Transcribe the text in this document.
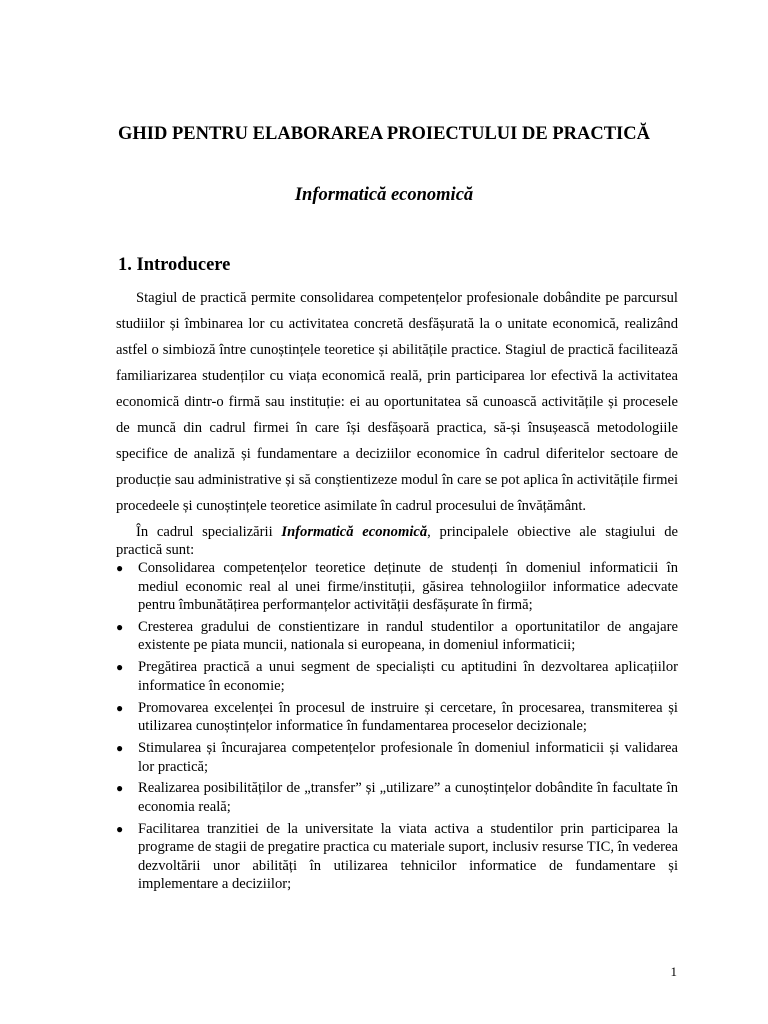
GHID PENTRU ELABORAREA PROIECTULUI DE PRACTICĂ
Informatică economică
1. Introducere

Stagiul de practică permite consolidarea competențelor profesionale dobândite pe parcursul studiilor și îmbinarea lor cu activitatea concretă desfășurată la o unitate economică, realizând astfel o simbioză între cunoștințele teoretice și abilitățile practice. Stagiul de practică facilitează familiarizarea studenților cu viața economică reală, prin participarea lor efectivă la activitatea economică dintr-o firmă sau instituție: ei au oportunitatea să cunoască activitățile și procesele de muncă din cadrul firmei în care își desfășoară practica, să-și însușească metodologiile specifice de analiză și fundamentare a deciziilor economice în cadrul diferitelor sectoare de producție sau administrative și să conștientizeze modul în care se pot aplica în activitățile firmei procedeele și cunoștințele teoretice asimilate în cadrul procesului de învățământ.

În cadrul specializării Informatică economică, principalele obiective ale stagiului de practică sunt:

● Consolidarea competențelor teoretice deținute de studenți în domeniul informaticii în mediul economic real al unei firme/instituții, găsirea tehnologiilor informatice adecvate pentru îmbunătățirea performanțelor activității desfășurate în firmă;
● Cresterea gradului de constientizare in randul studentilor a oportunitatilor de angajare existente pe piata muncii, nationala si europeana, in domeniul informaticii;
● Pregătirea practică a unui segment de specialiști cu aptitudini în dezvoltarea aplicațiilor informatice în economie;
● Promovarea excelenței în procesul de instruire și cercetare, în procesarea, transmiterea și utilizarea cunoștințelor informatice în fundamentarea proceselor decizionale;
● Stimularea și încurajarea competențelor profesionale în domeniul informaticii și validarea lor practică;
● Realizarea posibilităților de „transfer” și „utilizare” a cunoștințelor dobândite în facultate în economia reală;
● Facilitarea tranzitiei de la universitate la viata activa a studentilor prin participarea la programe de stagii de pregatire practica cu materiale suport, inclusiv resurse TIC, în vederea dezvoltării unor abilități în utilizarea tehnicilor informatice de fundamentare și implementare a deciziilor;
1
